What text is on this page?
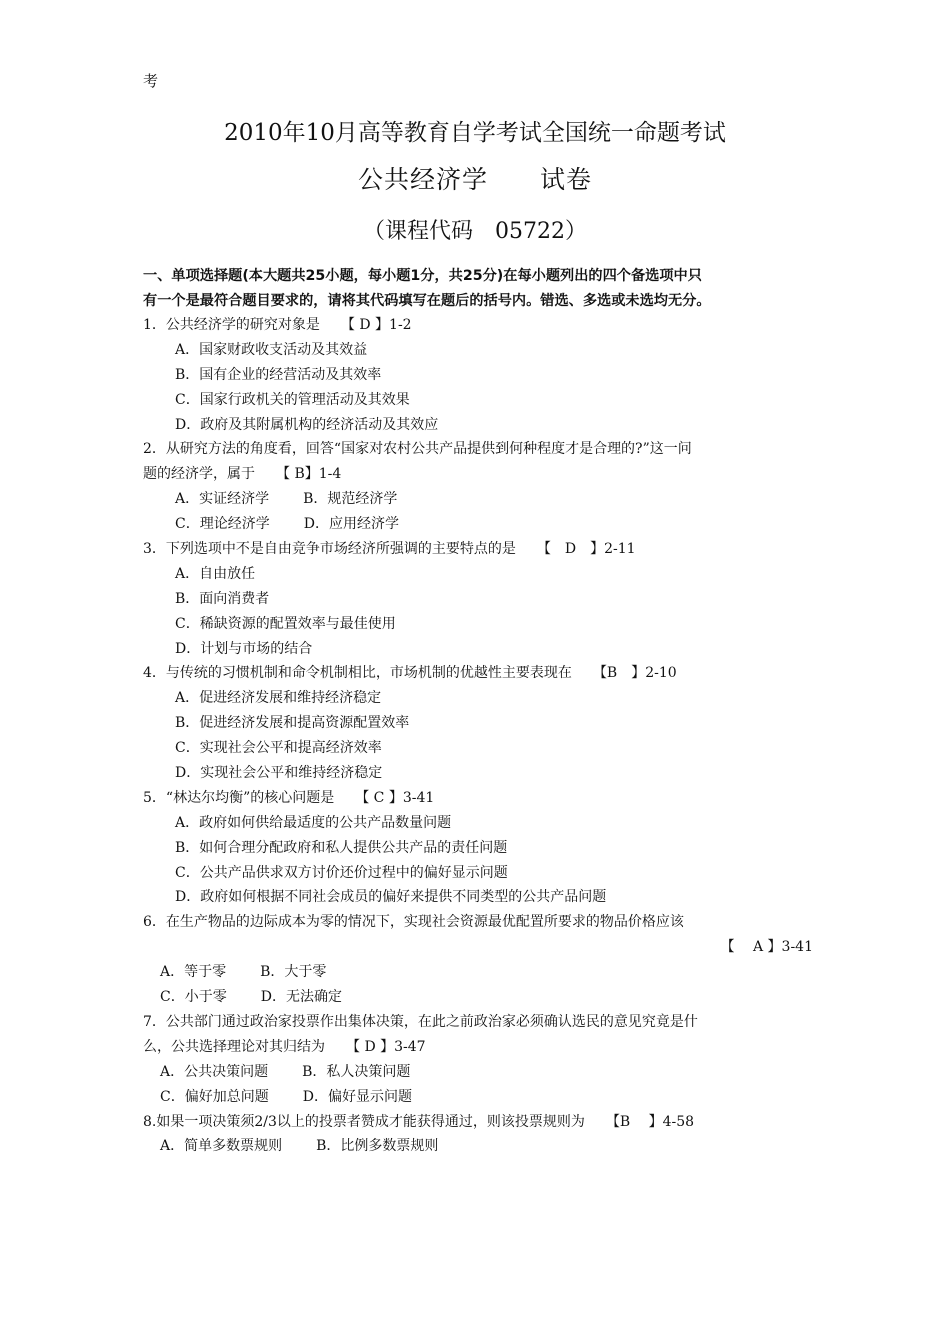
考
2010年10月高等教育自学考试全国统一命题考试
公共经济学　　试卷
（课程代码　05722）
一、单项选择题(本大题共25小题，每小题1分，共25分)在每小题列出的四个备选项中只
有一个是最符合题目要求的，请将其代码填写在题后的括号内。错选、多选或未选均无分。
1．公共经济学的研究对象是　　【 D 】1-2
A．国家财政收支活动及其效益
B．国有企业的经营活动及其效率
C．国家行政机关的管理活动及其效果
D．政府及其附属机构的经济活动及其效应
2．从研究方法的角度看，回答“国家对农村公共产品提供到何种程度才是合理的?”这一问
题的经济学，属于　　【 B】1-4
A．实证经济学 B．规范经济学
C．理论经济学 D．应用经济学
3．下列选项中不是自由竞争市场经济所强调的主要特点的是　　【　D　】2-11
A．自由放任
B．面向消费者
C．稀缺资源的配置效率与最佳使用
D．计划与市场的结合
4．与传统的习惯机制和命令机制相比，市场机制的优越性主要表现在　　【B　】2-10
A．促进经济发展和维持经济稳定
B．促进经济发展和提高资源配置效率
C．实现社会公平和提高经济效率
D．实现社会公平和维持经济稳定
5．“林达尔均衡”的核心问题是　　【 C 】3-41
A．政府如何供给最适度的公共产品数量问题
B．如何合理分配政府和私人提供公共产品的责任问题
C．公共产品供求双方讨价还价过程中的偏好显示问题
D．政府如何根据不同社会成员的偏好来提供不同类型的公共产品问题
6．在生产物品的边际成本为零的情况下，实现社会资源最优配置所要求的物品价格应该
【　 A 】3-41
A．等于零 B．大于零
C．小于零 D．无法确定
7．公共部门通过政治家投票作出集体决策，在此之前政治家必须确认选民的意见究竟是什
么，公共选择理论对其归结为　　【 D 】3-47
A．公共决策问题 B．私人决策问题
C．偏好加总问题 D．偏好显示问题
8.如果一项决策须2/3以上的投票者赞成才能获得通过，则该投票规则为　　【B　 】4-58
A．简单多数票规则 B．比例多数票规则
